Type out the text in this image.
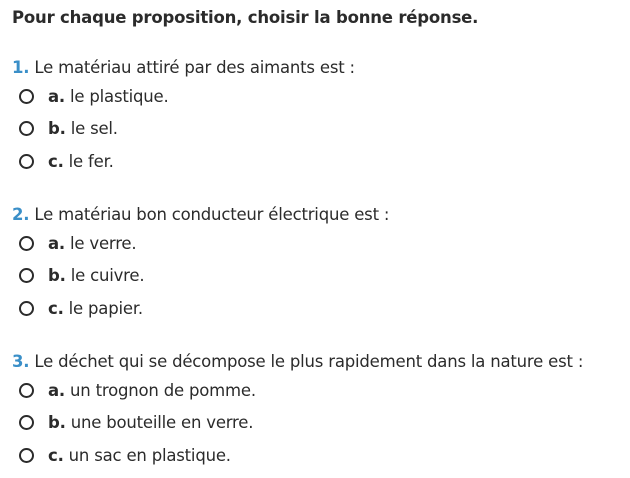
Pour chaque proposition, choisir la bonne réponse.
1. Le matériau attiré par des aimants est :
a. le plastique.
b. le sel.
c. le fer.
2. Le matériau bon conducteur électrique est :
a. le verre.
b. le cuivre.
c. le papier.
3. Le déchet qui se décompose le plus rapidement dans la nature est :
a. un trognon de pomme.
b. une bouteille en verre.
c. un sac en plastique.
